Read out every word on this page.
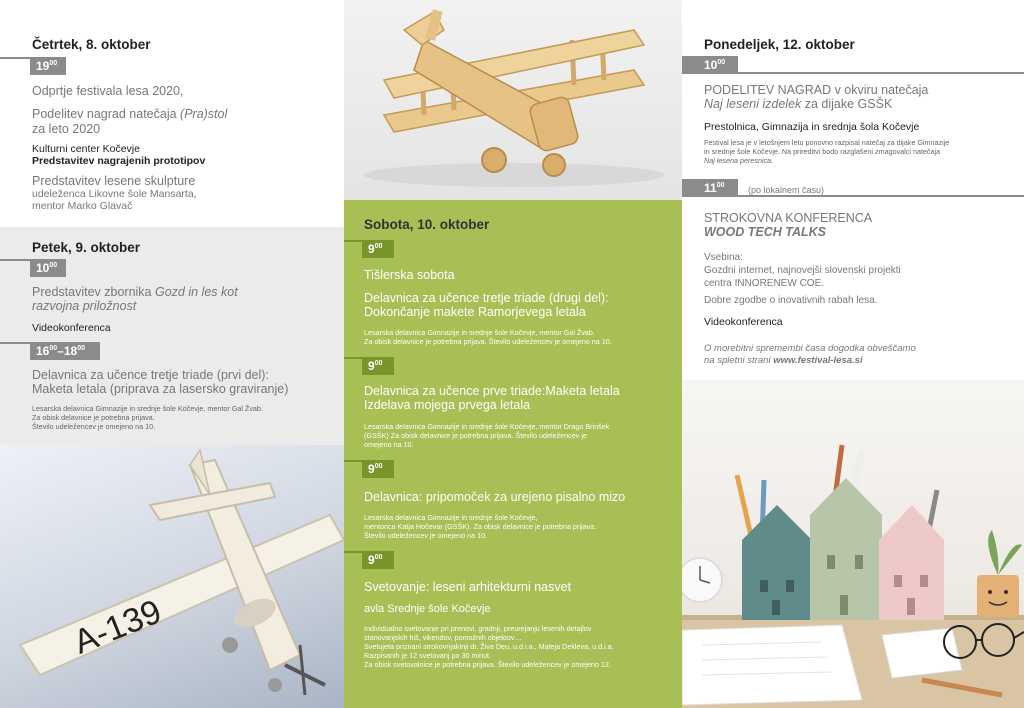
Četrtek, 8. oktober
$19^{00}$
Odprtje festivala lesa 2020,
Podelitev nagrad natečaja (Pra)stol
za leto 2020
Kulturni center Kočevje
Predstavitev nagrajenih prototipov
Predstavitev lesene skulpture
udeleženca Likovne šole Mansarta,
mentor Marko Glavač
Petek, 9. oktober
$10^{00}$
Predstavitev zbornika Gozd in les kot
razvojna priložnost
Videokonferenca
$16^{00}-18^{00}$
Delavnica za učence tretje triade (prvi del):
Maketa letala (priprava za lasersko graviranje)
Lesarska delavnica Gimnazije in srednje šole Kočevje, mentor Gal Žvab.
Za obisk delavnice je potrebna prijava.
Število udeležencev je omejeno na 10.
A-139
Sobota, 10. oktober
$9^{00}$
Tišlerska sobota
Delavnica za učence tretje triade (drugi del):
Dokončanje makete Ramorjevega letala
Lesarska delavnica Gimnazije in srednje šole Kočevje, mentor Gal Žvab.
Za obisk delavnice je potrebna prijava. Število udeležencev je omejeno na 10.
$9^{00}$
Delavnica za učence prve triade:Maketa letala
Izdelava mojega prvega letala
Lesarska delavnica Gimnazije in srednje šole Kočevje, mentor Drago Brinšek
(GSŠK) Za obisk delavnice je potrebna prijava. Število udeležencev je
omejeno na 10.
$9^{00}$
Delavnica: pripomoček za urejeno pisalno mizo
Lesarska delavnica Gimnazije in srednje šole Kočevje,
mentorica Katja Hočevar (GSŠK). Za obisk delavnice je potrebna prijava.
Število udeležencev je omejeno na 10.
$9^{00}$
Svetovanje: leseni arhitekturni nasvet
avla Srednje šole Kočevje
Individualno svetovanje pri prenovi, gradnji, preurejanju lesenih detajlov
stanovanjskih hiš, vikendov, pomožnih objektov…
Svetujeta priznani strokovnjakinji dr. Živa Deu, u.d.i.a., Mateja Dekleva, u.d.i.a.
Razpisanih je 12 svetovanj po 30 minut.
Za obisk svetovalnice je potrebna prijava. Število udeležencev je omejeno 12.
Ponedeljek, 12. oktober
$10^{00}$
PODELITEV NAGRAD v okviru natečaja
Naj leseni izdelek za dijake GSŠK
Prestolnica, Gimnazija in srednja šola Kočevje
Festival lesa je v letošnjem letu ponovno razpisal natečaj za dijake Gimnazije
in srednje šole Kočevje. Na prireditvi bodo razglašeni zmagovalci natečaja
Naj lesena peresnica.
$11^{00}$	(po lokalnem času)
STROKOVNA KONFERENCA
WOOD TECH TALKS
Vsebina:
Gozdni internet, najnovejši slovenski projekti
centra INNORENEW COE.
Dobre zgodbe o inovativnih rabah lesa.
Videokonferenca
O morebitni spremembi časa dogodka obveščamo
na spletni strani www.festival-lesa.si
